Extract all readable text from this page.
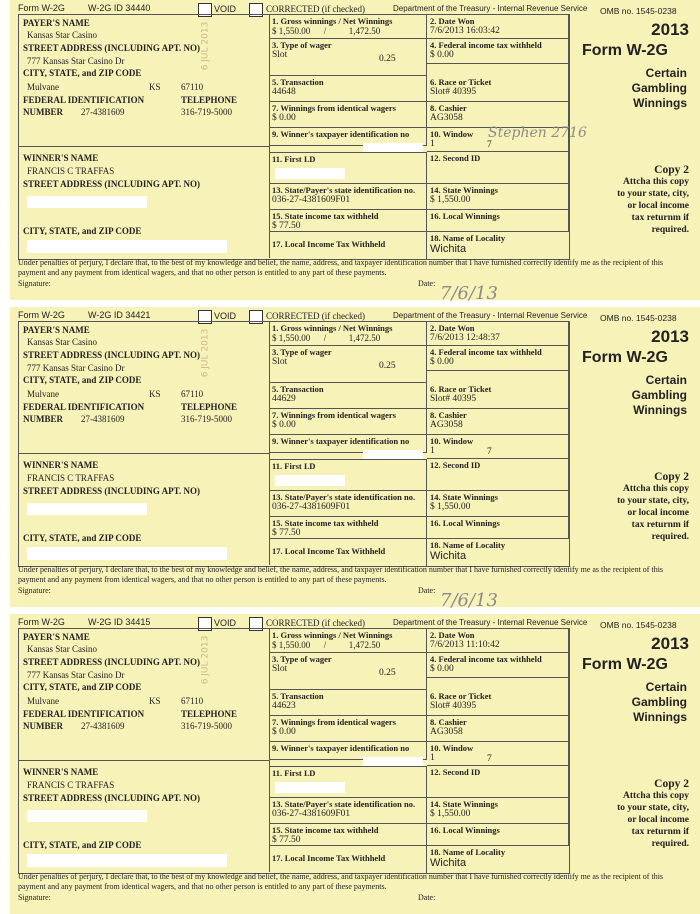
Form W-2G	W-2G ID 34440	VOID	CORRECTED (if checked)	Department of the Treasury - Internal Revenue Service
PAYER'S NAME
Kansas Star Casino
STREET ADDRESS (INCLUDING APT. NO)
777 Kansas Star Casino Dr
CITY, STATE, and ZIP CODE
Mulvane	KS 67110
FEDERAL IDENTIFICATION
NUMBER 27-4381609
TELEPHONE
316-719-5000
6 JUL 2013
WINNER'S NAME
FRANCIS C TRAFFAS
STREET ADDRESS (INCLUDING APT. NO)
CITY, STATE, and ZIP CODE
1. Gross winnings / Net Winnings
$ 1,550.00 /	1,472.50
2. Date Won
7/6/2013 16:03:42
3. Type of wager
Slot	0.25
4. Federal income tax withheld
$ 0.00
5. Transaction
44648
6. Race or Ticket
Slot# 40395
7. Winnings from identical wagers
$ 0.00
8. Cashier
AG3058
9. Winner's taxpayer identification no	10. Window
1	7
11. First I.D	12. Second ID
13. State/Payer's state identification no.
036-27-4381609F01
14. State Winnings
$ 1,550.00
15. State income tax withheld
$ 77.50
16. Local Winnings
17. Local Income Tax Withheld
18. Name of Locality
Wichita
OMB no. 1545-0238
2013
Form W-2G
Certain
Gambling
Winnings
Copy 2
Attcha this copy
to your state, city,
or local income
tax returnm if
required.
Under penalties of perjury, I declare that, to the best of my knowledge and belief, the name, address, and taxpayer identification number that I have furnished correctly identify me as the recipient of this payment and any payment from identical wagers, and that no other person is entitled to any part of these payments.
Signature:	Date: 7/6/13
Stephen 2716
Form W-2G	W-2G ID 34421	VOID	CORRECTED (if checked)	Department of the Treasury - Internal Revenue Service
PAYER'S NAME
Kansas Star Casino
STREET ADDRESS (INCLUDING APT. NO)
777 Kansas Star Casino Dr
CITY, STATE, and ZIP CODE
Mulvane	KS 67110
FEDERAL IDENTIFICATION
NUMBER 27-4381609
TELEPHONE
316-719-5000
6 JUL 2013
WINNER'S NAME
FRANCIS C TRAFFAS
STREET ADDRESS (INCLUDING APT. NO)
CITY, STATE, and ZIP CODE
1. Gross winnings / Net Winnings
$ 1,550.00 /	1,472.50
2. Date Won
7/6/2013 12:48:37
3. Type of wager
Slot	0.25
4. Federal income tax withheld
$ 0.00
5. Transaction
44629
6. Race or Ticket
Slot# 40395
7. Winnings from identical wagers
$ 0.00
8. Cashier
AG3058
9. Winner's taxpayer identification no	10. Window
1	7
11. First I.D	12. Second ID
13. State/Payer's state identification no.
036-27-4381609F01
14. State Winnings
$ 1,550.00
15. State income tax withheld
$ 77.50
16. Local Winnings
17. Local Income Tax Withheld
18. Name of Locality
Wichita
OMB no. 1545-0238
2013
Form W-2G
Certain
Gambling
Winnings
Copy 2
Attcha this copy
to your state, city,
or local income
tax returnm if
required.
Under penalties of perjury, I declare that, to the best of my knowledge and belief, the name, address, and taxpayer identification number that I have furnished correctly identify me as the recipient of this payment and any payment from identical wagers, and that no other person is entitled to any part of these payments.
Signature:	Date: 7/6/13
Form W-2G	W-2G ID 34415	VOID	CORRECTED (if checked)	Department of the Treasury - Internal Revenue Service
PAYER'S NAME
Kansas Star Casino
STREET ADDRESS (INCLUDING APT. NO)
777 Kansas Star Casino Dr
CITY, STATE, and ZIP CODE
Mulvane	KS 67110
FEDERAL IDENTIFICATION
NUMBER 27-4381609
TELEPHONE
316-719-5000
6 JUL 2013
WINNER'S NAME
FRANCIS C TRAFFAS
STREET ADDRESS (INCLUDING APT. NO)
CITY, STATE, and ZIP CODE
1. Gross winnings / Net Winnings
$ 1,550.00 /	1,472.50
2. Date Won
7/6/2013 11:10:42
3. Type of wager
Slot	0.25
4. Federal income tax withheld
$ 0.00
5. Transaction
44623
6. Race or Ticket
Slot# 40395
7. Winnings from identical wagers
$ 0.00
8. Cashier
AG3058
9. Winner's taxpayer identification no	10. Window
1	7
11. First I.D	12. Second ID
13. State/Payer's state identification no.
036-27-4381609F01
14. State Winnings
$ 1,550.00
15. State income tax withheld
$ 77.50
16. Local Winnings
17. Local Income Tax Withheld
18. Name of Locality
Wichita
OMB no. 1545-0238
2013
Form W-2G
Certain
Gambling
Winnings
Copy 2
Attcha this copy
to your state, city,
or local income
tax returnm if
required.
Under penalties of perjury, I declare that, to the best of my knowledge and belief, the name, address, and taxpayer identification number that I have furnished correctly identify me as the recipient of this payment and any payment from identical wagers, and that no other person is entitled to any part of these payments.
Signature:	Date:
